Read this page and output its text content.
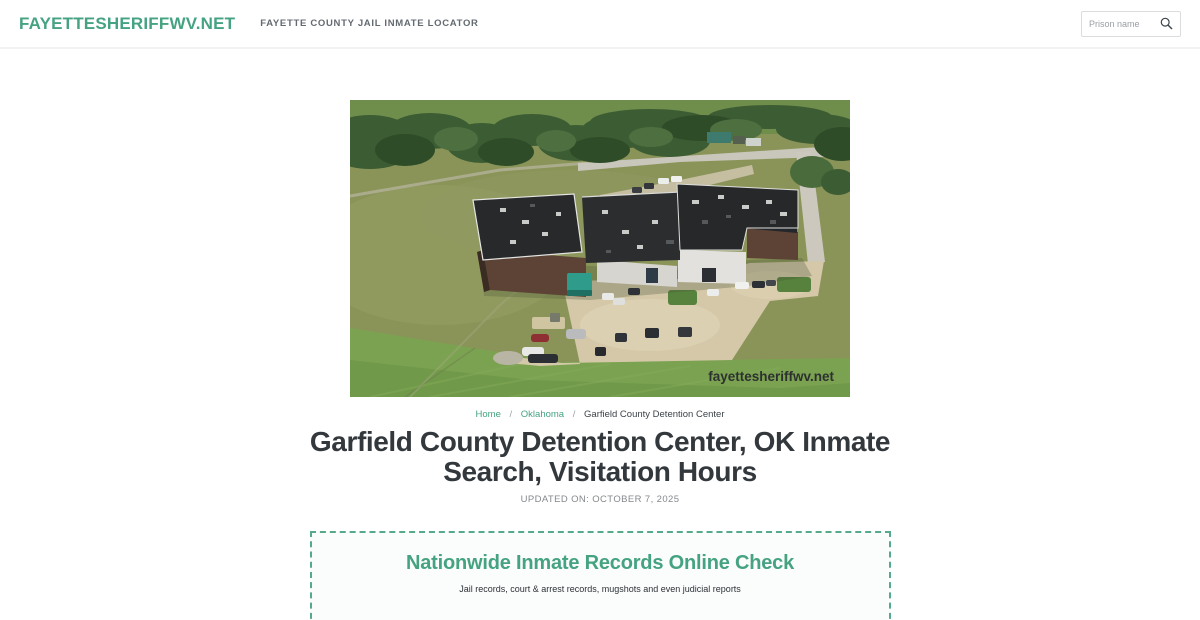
FAYETTESHERIFFWV.NET	FAYETTE COUNTY JAIL INMATE LOCATOR
Prison name
fayettesheriffwv.net
Home / Oklahoma / Garfield County Detention Center
Garfield County Detention Center, OK Inmate
Search, Visitation Hours
UPDATED ON: OCTOBER 7, 2025
Nationwide Inmate Records Online Check
Jail records, court & arrest records, mugshots and even judicial reports
